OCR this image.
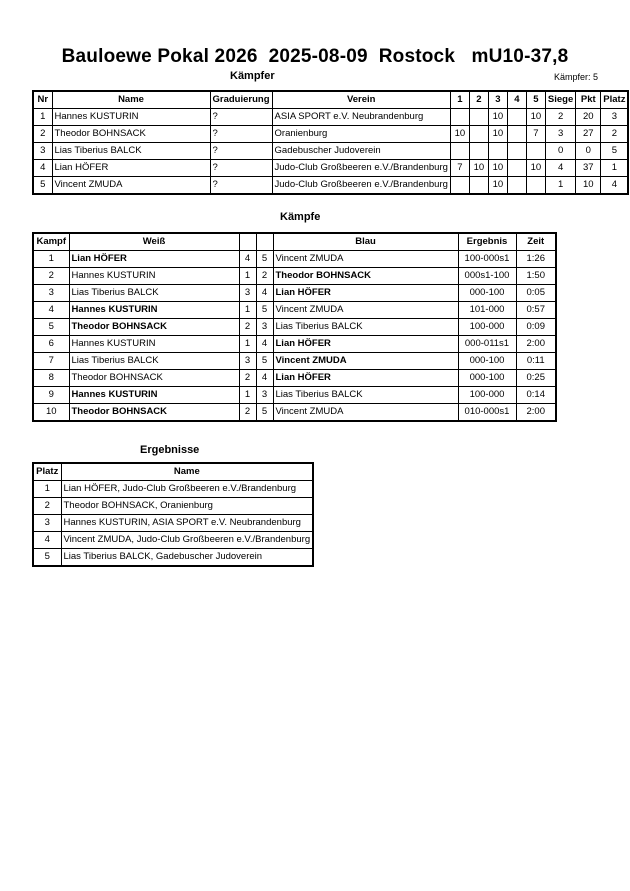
Bauloewe Pokal 2026  2025-08-09  Rostock   mU10-37,8
Kämpfer	Kämpfer: 5
Nr	Name	Graduierung	Verein	1	2	3	4	5	Siege	Pkt	Platz
1	Hannes KUSTURIN	?	ASIA SPORT e.V. Neubrandenburg			10		10	2	20	3
2	Theodor BOHNSACK	?	Oranienburg	10		10		7	3	27	2
3	Lias Tiberius BALCK	?	Gadebuscher Judoverein						0	0	5
4	Lian HÖFER	?	Judo-Club Großbeeren e.V./Brandenburg	7	10	10		10	4	37	1
5	Vincent ZMUDA	?	Judo-Club Großbeeren e.V./Brandenburg			10			1	10	4
Kämpfe
Kampf	Weiß			Blau	Ergebnis	Zeit
1	Lian HÖFER	4	5	Vincent ZMUDA	100-000s1	1:26
2	Hannes KUSTURIN	1	2	Theodor BOHNSACK	000s1-100	1:50
3	Lias Tiberius BALCK	3	4	Lian HÖFER	000-100	0:05
4	Hannes KUSTURIN	1	5	Vincent ZMUDA	101-000	0:57
5	Theodor BOHNSACK	2	3	Lias Tiberius BALCK	100-000	0:09
6	Hannes KUSTURIN	1	4	Lian HÖFER	000-011s1	2:00
7	Lias Tiberius BALCK	3	5	Vincent ZMUDA	000-100	0:11
8	Theodor BOHNSACK	2	4	Lian HÖFER	000-100	0:25
9	Hannes KUSTURIN	1	3	Lias Tiberius BALCK	100-000	0:14
10	Theodor BOHNSACK	2	5	Vincent ZMUDA	010-000s1	2:00
Ergebnisse
Platz	Name
1	Lian HÖFER, Judo-Club Großbeeren e.V./Brandenburg
2	Theodor BOHNSACK, Oranienburg
3	Hannes KUSTURIN, ASIA SPORT e.V. Neubrandenburg
4	Vincent ZMUDA, Judo-Club Großbeeren e.V./Brandenburg
5	Lias Tiberius BALCK, Gadebuscher Judoverein
